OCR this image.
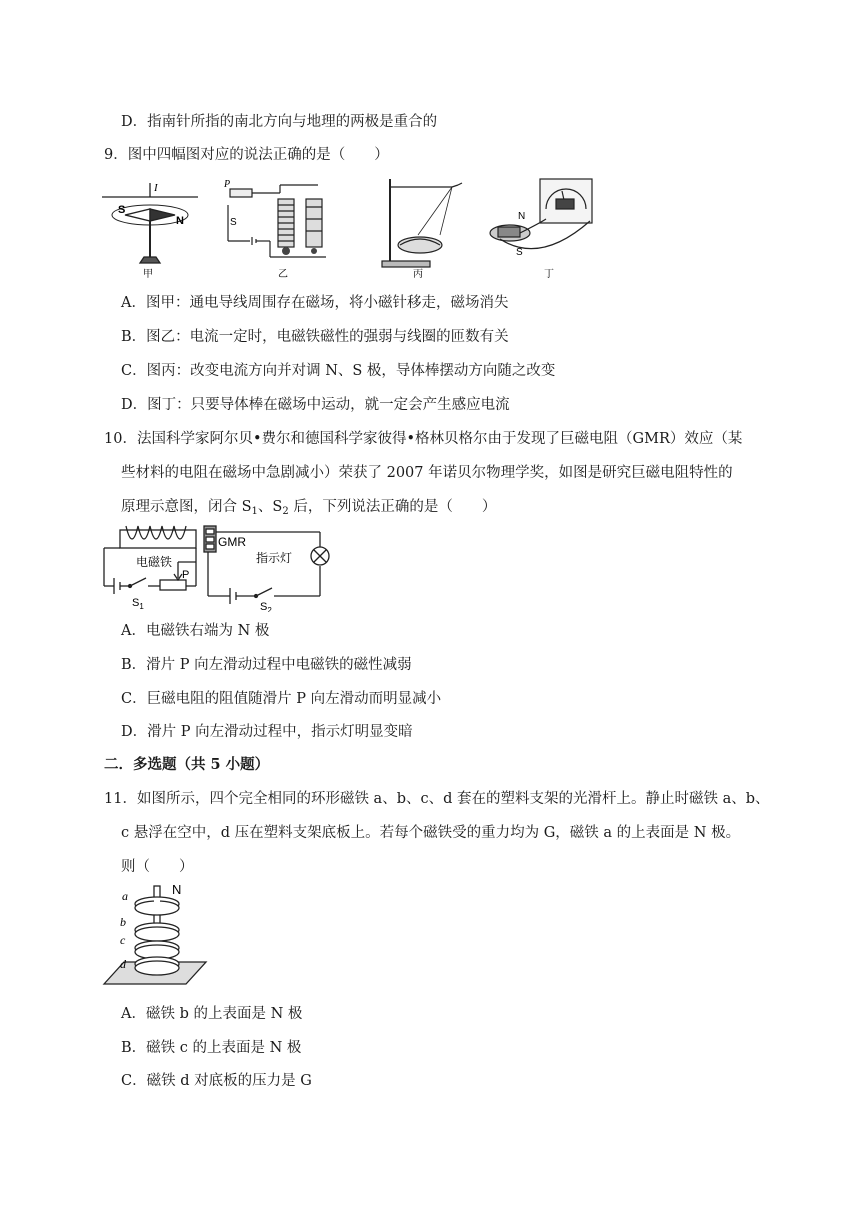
D．指南针所指的南北方向与地理的两极是重合的
9．图中四幅图对应的说法正确的是（　　）
I
S
N
甲
P
S
乙	丙
N
S
丁
A．图甲：通电导线周围存在磁场，将小磁针移走，磁场消失
B．图乙：电流一定时，电磁铁磁性的强弱与线圈的匝数有关
C．图丙：改变电流方向并对调 N、S 极，导体棒摆动方向随之改变
D．图丁：只要导体棒在磁场中运动，就一定会产生感应电流
10．法国科学家阿尔贝•费尔和德国科学家彼得•格林贝格尔由于发现了巨磁电阻（GMR）效应（某
些材料的电阻在磁场中急剧减小）荣获了 2007 年诺贝尔物理学奖，如图是研究巨磁电阻特性的
原理示意图，闭合 $S_1$、$S_2$ 后，下列说法正确的是（　　）
GMR
电磁铁	指示灯
P
$S_1$	$S_2$
A．电磁铁右端为 N 极
B．滑片 P 向左滑动过程中电磁铁的磁性减弱
C．巨磁电阻的阻值随滑片 P 向左滑动而明显减小
D．滑片 P 向左滑动过程中，指示灯明显变暗
二．多选题（共 5 小题）
11．如图所示，四个完全相同的环形磁铁 a、b、c、d 套在的塑料支架的光滑杆上。静止时磁铁 a、b、
c 悬浮在空中，d 压在塑料支架底板上。若每个磁铁受的重力均为 G，磁铁 a 的上表面是 N 极。
则（　　）
a
b
c
d
N
A．磁铁 b 的上表面是 N 极
B．磁铁 c 的上表面是 N 极
C．磁铁 d 对底板的压力是 G
